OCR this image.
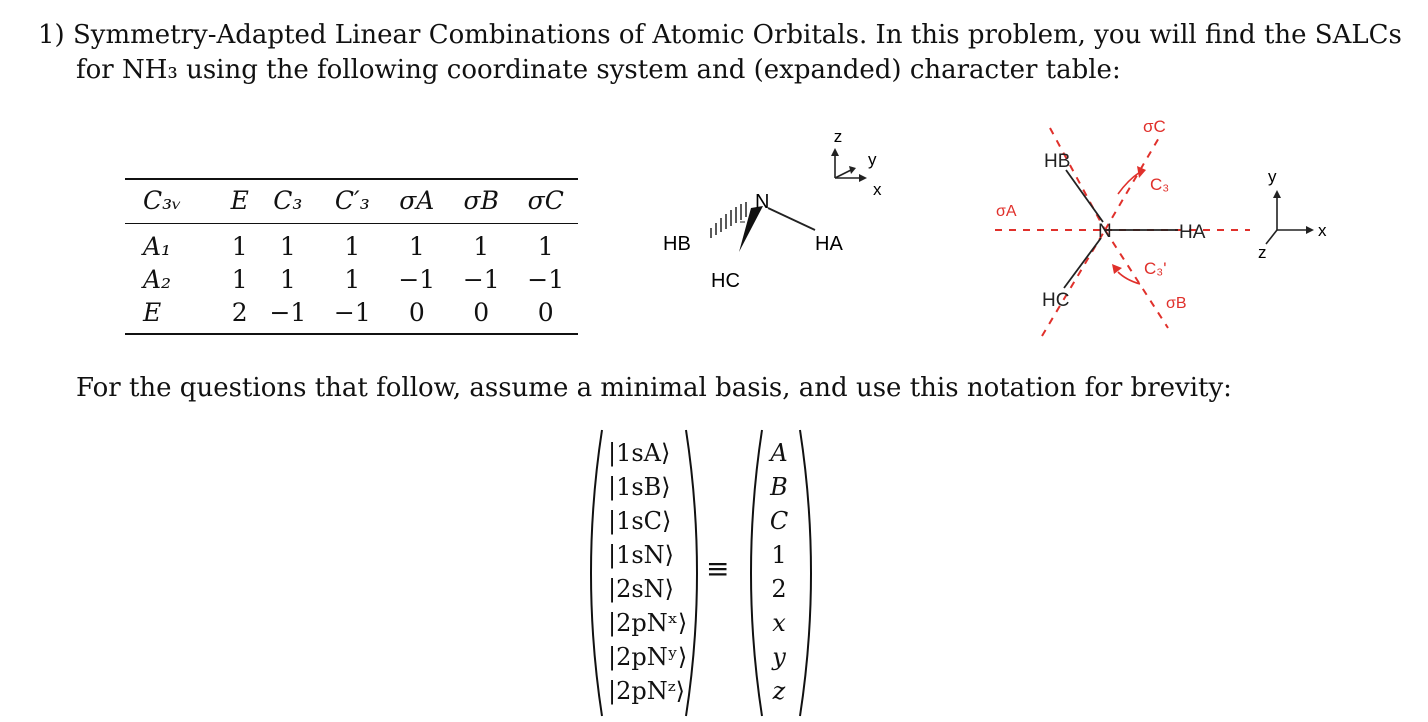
1) Symmetry-Adapted Linear Combinations of Atomic Orbitals. In this problem, you will find the SALCs
for NH₃ using the following coordinate system and (expanded) character table:
C₃ᵥ	E	C₃	C′₃	σA	σB	σC
A₁	1	1	1	1	1	1
A₂	1	1	1	−1	−1	−1
E	2	−1	−1	0	0	0
z
y
x
N
HA
HB
HC
y
x
z
N	HA
HB
HC
σA
σB
σC
C₃
C₃'
For the questions that follow, assume a minimal basis, and use this notation for brevity:
|1sA⟩
|1sB⟩
|1sC⟩
|1sN⟩
|2sN⟩
|2pNˣ⟩
|2pNʸ⟩
|2pNᶻ⟩
≡
A
B
C
1
2
x
y
z
